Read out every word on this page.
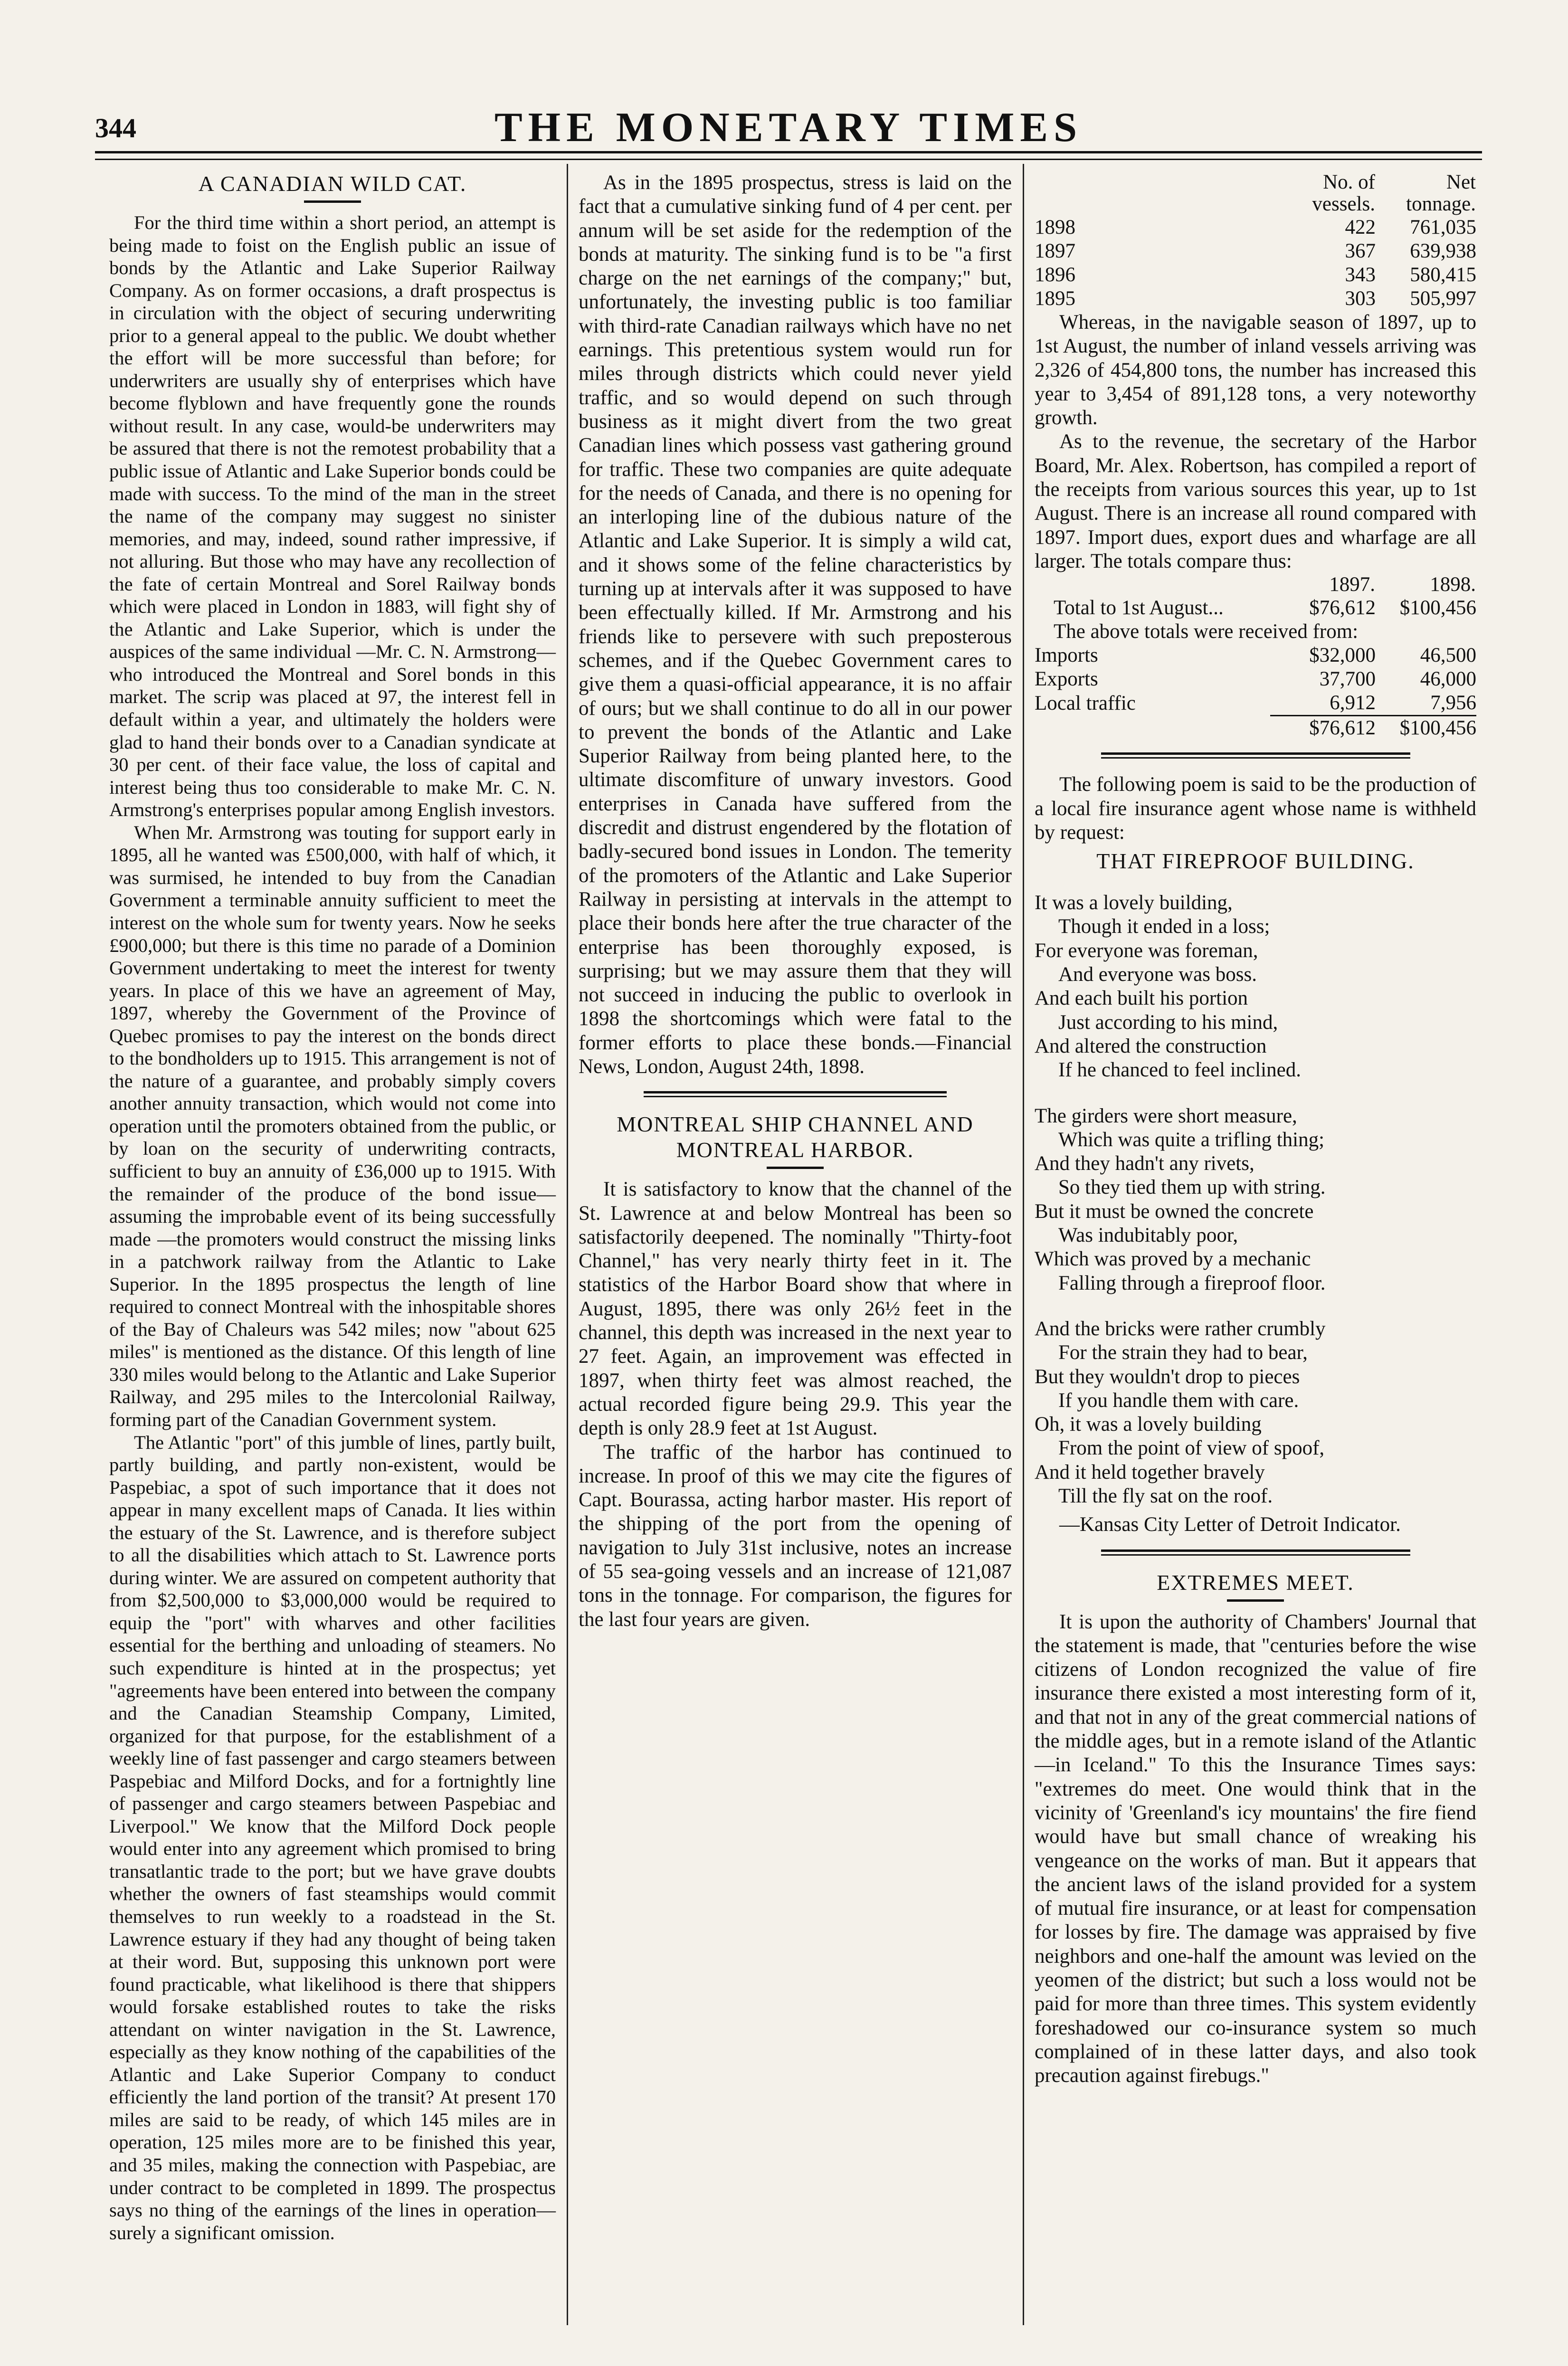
344	THE MONETARY TIMES
A CANADIAN WILD CAT.

For the third time within a short period, an attempt is being made to foist on the English public an issue of bonds by the Atlantic and Lake Superior Railway Company. As on former occasions, a draft prospectus is in circulation with the object of securing underwriting prior to a general appeal to the public. We doubt whether the effort will be more successful than before; for underwriters are usually shy of enterprises which have become flyblown and have frequently gone the rounds without result. In any case, would-be underwriters may be assured that there is not the remotest probability that a public issue of Atlantic and Lake Superior bonds could be made with success. To the mind of the man in the street the name of the company may suggest no sinister memories, and may, indeed, sound rather impressive, if not alluring. But those who may have any recollection of the fate of certain Montreal and Sorel Railway bonds which were placed in London in 1883, will fight shy of the Atlantic and Lake Superior, which is under the auspices of the same individual —Mr. C. N. Armstrong—who introduced the Montreal and Sorel bonds in this market. The scrip was placed at 97, the interest fell in default within a year, and ultimately the holders were glad to hand their bonds over to a Canadian syndicate at 30 per cent. of their face value, the loss of capital and interest being thus too considerable to make Mr. C. N. Armstrong's enterprises popular among English investors.

When Mr. Armstrong was touting for support early in 1895, all he wanted was £500,000, with half of which, it was surmised, he intended to buy from the Canadian Government a terminable annuity sufficient to meet the interest on the whole sum for twenty years. Now he seeks £900,000; but there is this time no parade of a Dominion Government undertaking to meet the interest for twenty years. In place of this we have an agreement of May, 1897, whereby the Government of the Province of Quebec promises to pay the interest on the bonds direct to the bondholders up to 1915. This arrangement is not of the nature of a guarantee, and probably simply covers another annuity transaction, which would not come into operation until the promoters obtained from the public, or by loan on the security of underwriting contracts, sufficient to buy an annuity of £36,000 up to 1915. With the remainder of the produce of the bond issue—assuming the improbable event of its being successfully made —the promoters would construct the missing links in a patchwork railway from the Atlantic to Lake Superior. In the 1895 prospectus the length of line required to connect Montreal with the inhospitable shores of the Bay of Chaleurs was 542 miles; now "about 625 miles" is mentioned as the distance. Of this length of line 330 miles would belong to the Atlantic and Lake Superior Railway, and 295 miles to the Intercolonial Railway, forming part of the Canadian Government system.

The Atlantic "port" of this jumble of lines, partly built, partly building, and partly non-existent, would be Paspebiac, a spot of such importance that it does not appear in many excellent maps of Canada. It lies within the estuary of the St. Lawrence, and is therefore subject to all the disabilities which attach to St. Lawrence ports during winter. We are assured on competent authority that from $2,500,000 to $3,000,000 would be required to equip the "port" with wharves and other facilities essential for the berthing and unloading of steamers. No such expenditure is hinted at in the prospectus; yet "agreements have been entered into between the company and the Canadian Steamship Company, Limited, organized for that purpose, for the establishment of a weekly line of fast passenger and cargo steamers between Paspebiac and Milford Docks, and for a fortnightly line of passenger and cargo steamers between Paspebiac and Liverpool." We know that the Milford Dock people would enter into any agreement which promised to bring transatlantic trade to the port; but we have grave doubts whether the owners of fast steamships would commit themselves to run weekly to a roadstead in the St. Lawrence estuary if they had any thought of being taken at their word. But, supposing this unknown port were found practicable, what likelihood is there that shippers would forsake established routes to take the risks attendant on winter navigation in the St. Lawrence, especially as they know nothing of the capabilities of the Atlantic and Lake Superior Company to conduct efficiently the land portion of the transit? At present 170 miles are said to be ready, of which 145 miles are in operation, 125 miles more are to be finished this year, and 35 miles, making the connection with Paspebiac, are under contract to be completed in 1899. The prospectus says no thing of the earnings of the lines in operation—surely a significant omission.

As in the 1895 prospectus, stress is laid on the fact that a cumulative sinking fund of 4 per cent. per annum will be set aside for the redemption of the bonds at maturity. The sinking fund is to be "a first charge on the net earnings of the company;" but, unfortunately, the investing public is too familiar with third-rate Canadian railways which have no net earnings. This pretentious system would run for miles through districts which could never yield traffic, and so would depend on such through business as it might divert from the two great Canadian lines which possess vast gathering ground for traffic. These two companies are quite adequate for the needs of Canada, and there is no opening for an interloping line of the dubious nature of the Atlantic and Lake Superior. It is simply a wild cat, and it shows some of the feline characteristics by turning up at intervals after it was supposed to have been effectually killed. If Mr. Armstrong and his friends like to persevere with such preposterous schemes, and if the Quebec Government cares to give them a quasi-official appearance, it is no affair of ours; but we shall continue to do all in our power to prevent the bonds of the Atlantic and Lake Superior Railway from being planted here, to the ultimate discomfiture of unwary investors. Good enterprises in Canada have suffered from the discredit and distrust engendered by the flotation of badly-secured bond issues in London. The temerity of the promoters of the Atlantic and Lake Superior Railway in persisting at intervals in the attempt to place their bonds here after the true character of the enterprise has been thoroughly exposed, is surprising; but we may assure them that they will not succeed in inducing the public to overlook in 1898 the shortcomings which were fatal to the former efforts to place these bonds.—Financial News, London, August 24th, 1898.

MONTREAL SHIP CHANNEL AND
MONTREAL HARBOR.

It is satisfactory to know that the channel of the St. Lawrence at and below Montreal has been so satisfactorily deepened. The nominally "Thirty-foot Channel," has very nearly thirty feet in it. The statistics of the Harbor Board show that where in August, 1895, there was only 26½ feet in the channel, this depth was increased in the next year to 27 feet. Again, an improvement was effected in 1897, when thirty feet was almost reached, the actual recorded figure being 29.9. This year the depth is only 28.9 feet at 1st August.

The traffic of the harbor has continued to increase. In proof of this we may cite the figures of Capt. Bourassa, acting harbor master. His report of the shipping of the port from the opening of navigation to July 31st inclusive, notes an increase of 55 sea-going vessels and an increase of 121,087 tons in the tonnage. For comparison, the figures for the last four years are given.

	No. of vessels.	Net tonnage.
1898	422	761,035
1897	367	639,938
1896	343	580,415
1895	303	505,997

Whereas, in the navigable season of 1897, up to 1st August, the number of inland vessels arriving was 2,326 of 454,800 tons, the number has increased this year to 3,454 of 891,128 tons, a very noteworthy growth.

As to the revenue, the secretary of the Harbor Board, Mr. Alex. Robertson, has compiled a report of the receipts from various sources this year, up to 1st August. There is an increase all round compared with 1897. Import dues, export dues and wharfage are all larger. The totals compare thus:

	1897.	1898.
Total to 1st August...	$76,612	$100,456
The above totals were received from:		
Imports	$32,000	46,500
Exports	37,700	46,000
Local traffic	6,912	7,956
	$76,612	$100,456

The following poem is said to be the production of a local fire insurance agent whose name is withheld by request:

THAT FIREPROOF BUILDING.
It was a lovely building,
Though it ended in a loss;
For everyone was foreman,
And everyone was boss.
And each built his portion
Just according to his mind,
And altered the construction
If he chanced to feel inclined.
The girders were short measure,
Which was quite a trifling thing;
And they hadn't any rivets,
So they tied them up with string.
But it must be owned the concrete
Was indubitably poor,
Which was proved by a mechanic
Falling through a fireproof floor.
And the bricks were rather crumbly
For the strain they had to bear,
But they wouldn't drop to pieces
If you handle them with care.
Oh, it was a lovely building
From the point of view of spoof,
And it held together bravely
Till the fly sat on the roof.

—Kansas City Letter of Detroit Indicator.

EXTREMES MEET.

It is upon the authority of Chambers' Journal that the statement is made, that "centuries before the wise citizens of London recognized the value of fire insurance there existed a most interesting form of it, and that not in any of the great commercial nations of the middle ages, but in a remote island of the Atlantic—in Iceland." To this the Insurance Times says: "extremes do meet. One would think that in the vicinity of 'Greenland's icy mountains' the fire fiend would have but small chance of wreaking his vengeance on the works of man. But it appears that the ancient laws of the island provided for a system of mutual fire insurance, or at least for compensation for losses by fire. The damage was appraised by five neighbors and one-half the amount was levied on the yeomen of the district; but such a loss would not be paid for more than three times. This system evidently foreshadowed our co-insurance system so much complained of in these latter days, and also took precaution against firebugs."
